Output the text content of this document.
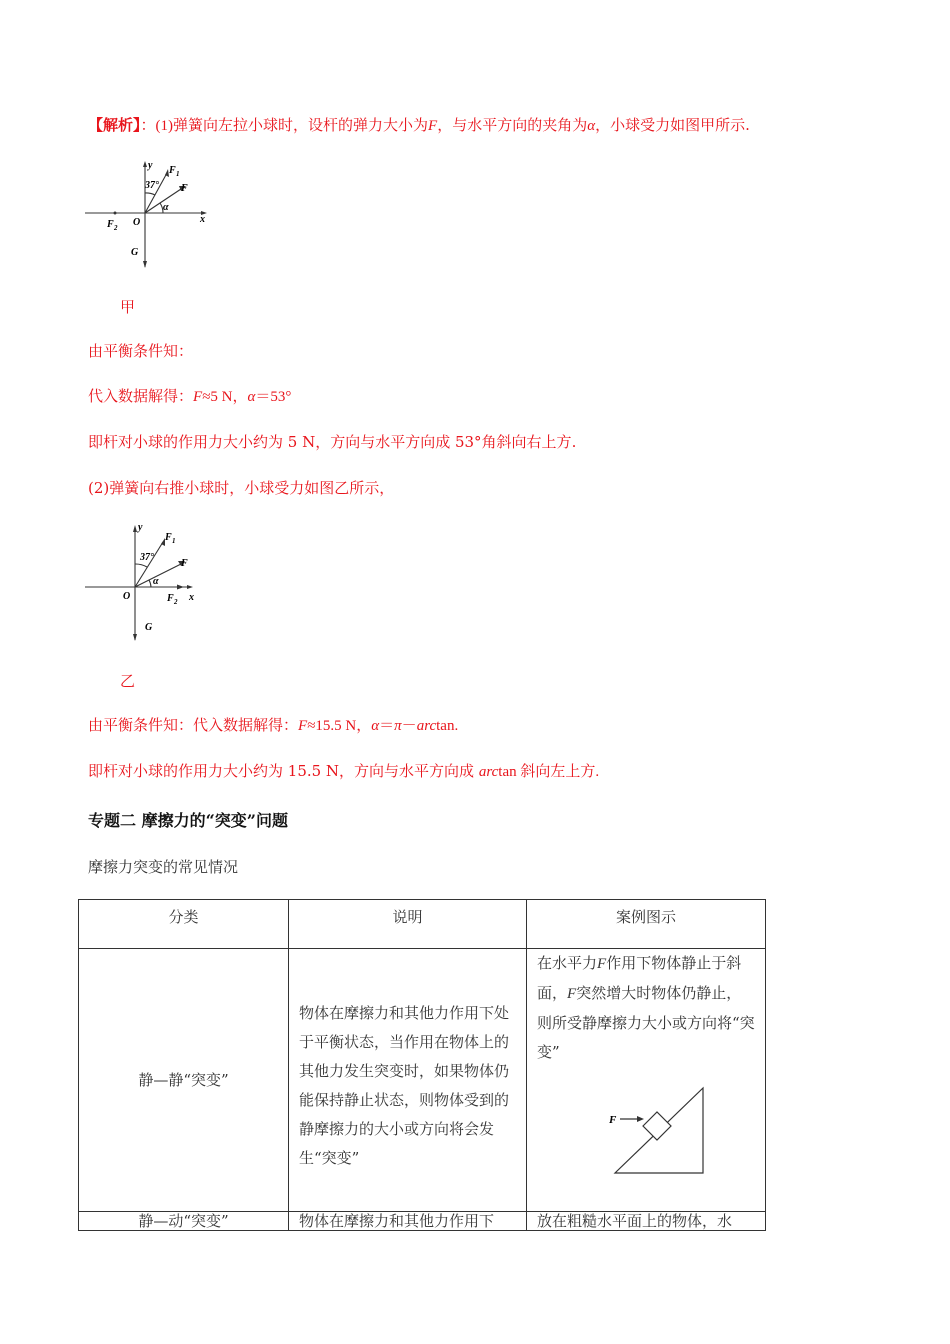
【解析】：(1)弹簧向左拉小球时，设杆的弹力大小为F，与水平方向的夹角为α，小球受力如图甲所示.
y
x
O
F 1
F
F 2
G
37°
α
甲
由平衡条件知：
代入数据解得：F≈5 N，α＝53°
即杆对小球的作用力大小约为 5 N，方向与水平方向成 53°角斜向右上方.
(2)弹簧向右推小球时，小球受力如图乙所示，
y
x
O
F 1
F
F 2
G
37°
α
乙
由平衡条件知：代入数据解得：F≈15.5 N，α＝π－arctan.
即杆对小球的作用力大小约为 15.5 N，方向与水平方向成 arctan 斜向左上方.
专题二 摩擦力的“突变”问题
摩擦力突变的常见情况
分类	说明	案例图示
静—静“突变”	物体在摩擦力和其他力作用下处于平衡状态，当作用在物体上的其他力发生突变时，如果物体仍能保持静止状态，则物体受到的静摩擦力的大小或方向将会发生“突变”	在水平力F作用下物体静止于斜面，F突然增大时物体仍静止，则所受静摩擦力大小或方向将“突变”
F

静—动“突变”	物体在摩擦力和其他力作用下	放在粗糙水平面上的物体，水
